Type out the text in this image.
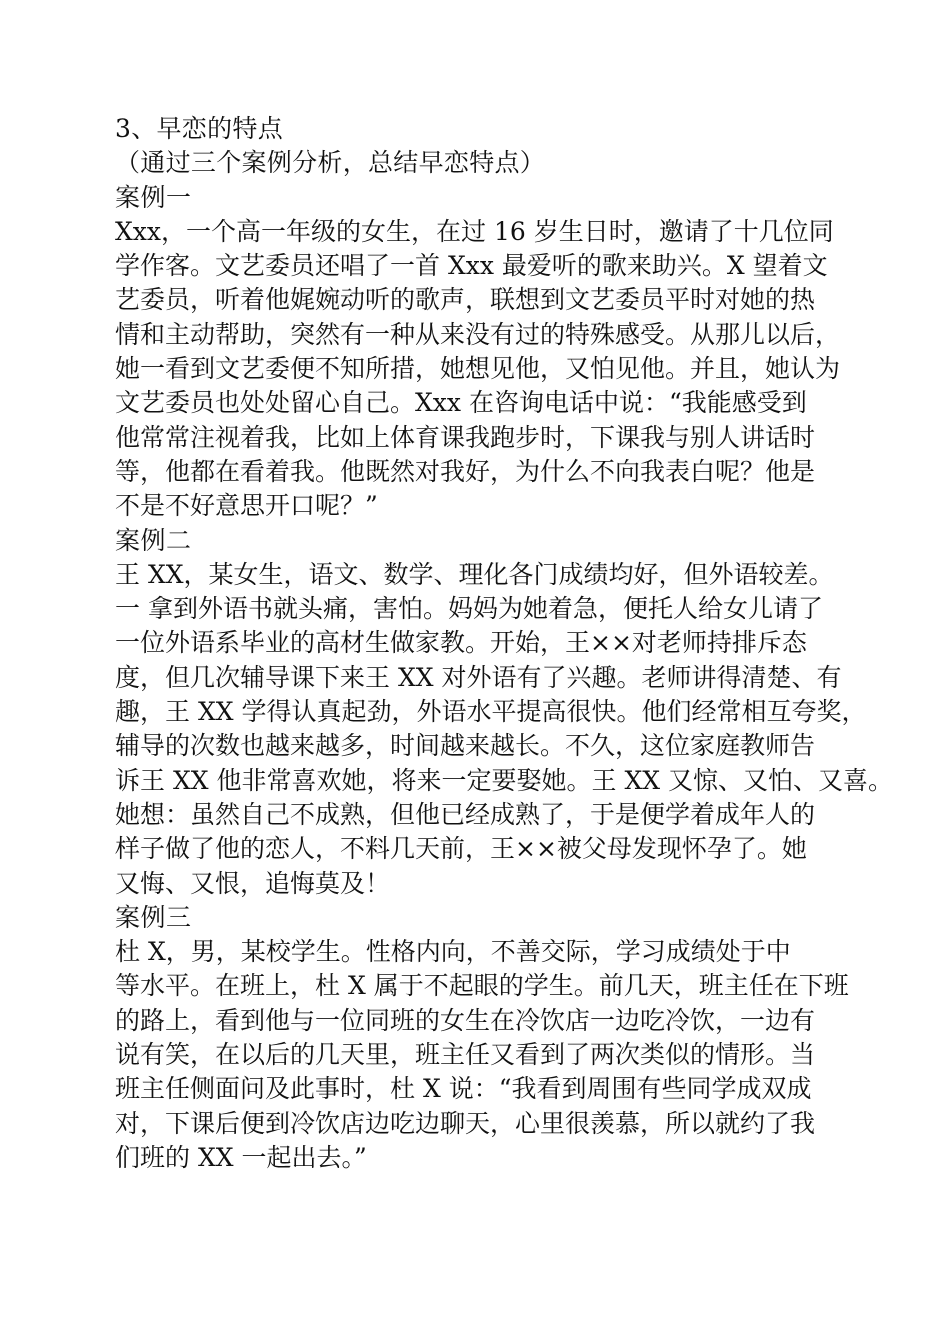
3、早恋的特点
（通过三个案例分析，总结早恋特点）
案例一

Xxx，一个高一年级的女生，在过 16 岁生日时，邀请了十几位同

学作客。文艺委员还唱了一首 Xxx 最爱听的歌来助兴。X 望着文

艺委员，听着他娓婉动听的歌声，联想到文艺委员平时对她的热

情和主动帮助，突然有一种从来没有过的特殊感受。从那儿以后，

她一看到文艺委便不知所措，她想见他，又怕见他。并且，她认为

文艺委员也处处留心自己。Xxx 在咨询电话中说：“我能感受到

他常常注视着我，比如上体育课我跑步时，下课我与别人讲话时

等，他都在看着我。他既然对我好，为什么不向我表白呢？他是

不是不好意思开口呢？”

案例二

王 XX，某女生，语文、数学、理化各门成绩均好，但外语较差。

一 拿到外语书就头痛，害怕。妈妈为她着急，便托人给女儿请了

一位外语系毕业的高材生做家教。开始，王××对老师持排斥态

度，但几次辅导课下来王 XX 对外语有了兴趣。老师讲得清楚、有

趣，王 XX 学得认真起劲，外语水平提高很快。他们经常相互夸奖，

辅导的次数也越来越多，时间越来越长。不久，这位家庭教师告

诉王 XX 他非常喜欢她，将来一定要娶她。王 XX 又惊、又怕、又喜。

她想：虽然自己不成熟，但他已经成熟了，于是便学着成年人的

样子做了他的恋人，不料几天前，王××被父母发现怀孕了。她

又悔、又恨，追悔莫及！

案例三

杜 X，男，某校学生。性格内向，不善交际，学习成绩处于中

等水平。在班上，杜 X 属于不起眼的学生。前几天，班主任在下班

的路上，看到他与一位同班的女生在冷饮店一边吃冷饮，一边有

说有笑，在以后的几天里，班主任又看到了两次类似的情形。当

班主任侧面问及此事时，杜 X 说：“我看到周围有些同学成双成

对，下课后便到冷饮店边吃边聊天，心里很羡慕，所以就约了我

们班的 XX 一起出去。”
